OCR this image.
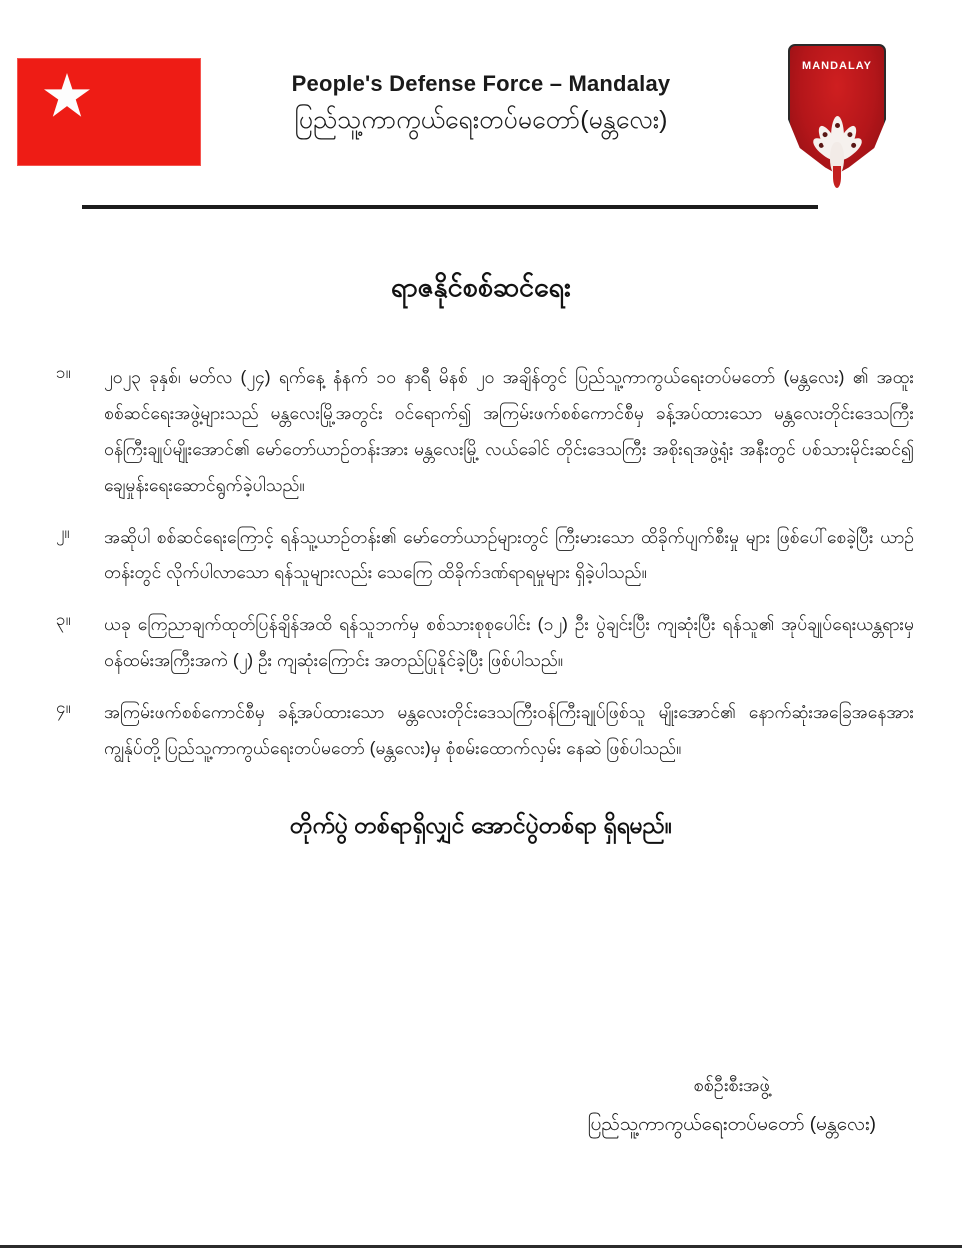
People's Defense Force – Mandalay
ပြည်သူ့ကာကွယ်ရေးတပ်မတော်(မန္တလေး)
MANDALAY
ရာဇနိုင်စစ်ဆင်ရေး
၁။	၂၀၂၃ ခုနှစ်၊ မတ်လ (၂၄) ရက်နေ့ နံနက် ၁၀ နာရီ မိနစ် ၂၀ အချိန်တွင် ပြည်သူ့ကာကွယ်ရေးတပ်မတော် (မန္တလေး) ၏ အထူးစစ်ဆင်ရေးအဖွဲ့များသည် မန္တလေးမြို့အတွင်း ဝင်ရောက်၍ အကြမ်းဖက်စစ်ကောင်စီမှ ခန့်အပ်ထားသော မန္တလေးတိုင်းဒေသကြီး ဝန်ကြီးချုပ်မျိုးအောင်၏ မော်တော်ယာဉ်တန်းအား မန္တလေးမြို့ လယ်ခေါင် တိုင်းဒေသကြီး အစိုးရအဖွဲ့ရုံး အနီးတွင် ပစ်သားမိုင်းဆင်၍ ချေမှုန်းရေးဆောင်ရွက်ခဲ့ပါသည်။
၂။	အဆိုပါ စစ်ဆင်ရေးကြောင့် ရန်သူ့ယာဉ်တန်း၏ မော်တော်ယာဉ်များတွင် ကြီးမားသော ထိခိုက်ပျက်စီးမှု များ ဖြစ်ပေါ်စေခဲ့ပြီး ယာဉ်တန်းတွင် လိုက်ပါလာသော ရန်သူများလည်း သေကြေ ထိခိုက်ဒဏ်ရာရမှုများ ရှိခဲ့ပါသည်။
၃။	ယခု ကြေညာချက်ထုတ်ပြန်ချိန်အထိ ရန်သူဘက်မှ စစ်သားစုစုပေါင်း (၁၂) ဦး ပွဲချင်းပြီး ကျဆုံးပြီး ရန်သူ၏ အုပ်ချုပ်ရေးယန္တရားမှ ဝန်ထမ်းအကြီးအကဲ (၂) ဦး ကျဆုံးကြောင်း အတည်ပြုနိုင်ခဲ့ပြီး ဖြစ်ပါသည်။
၄။	အကြမ်းဖက်စစ်ကောင်စီမှ ခန့်အပ်ထားသော မန္တလေးတိုင်းဒေသကြီးဝန်ကြီးချုပ်ဖြစ်သူ မျိုးအောင်၏ နောက်ဆုံးအခြေအနေအား ကျွန်ုပ်တို့ ပြည်သူ့ကာကွယ်ရေးတပ်မတော် (မန္တလေး)မှ စုံစမ်းထောက်လှမ်း နေဆဲ ဖြစ်ပါသည်။
တိုက်ပွဲ တစ်ရာရှိလျှင် အောင်ပွဲတစ်ရာ ရှိရမည်။
စစ်ဦးစီးအဖွဲ့
ပြည်သူ့ကာကွယ်ရေးတပ်မတော် (မန္တလေး)
